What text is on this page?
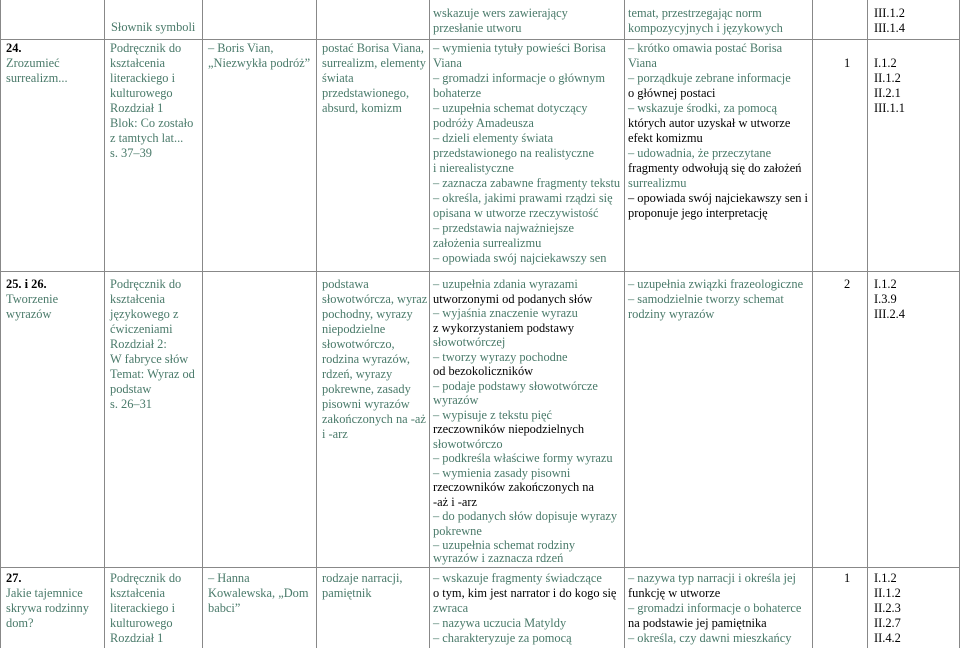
Słownik symboli
wskazuje wers zawierający
przesłanie utworu
temat, przestrzegając norm
kompozycyjnych i językowych
III.1.2
III.1.4
24.
Zrozumieć
surrealizm...
Podręcznik do
kształcenia
literackiego i
kulturowego
Rozdział 1
Blok: Co zostało
z tamtych lat...
s. 37–39
– Boris Vian,
„Niezwykła podróż”
postać Borisa Viana,
surrealizm, elementy
świata
przedstawionego,
absurd, komizm
– wymienia tytuły powieści Borisa
Viana
– gromadzi informacje o głównym
bohaterze
– uzupełnia schemat dotyczący
podróży Amadeusza
– dzieli elementy świata
przedstawionego na realistyczne
i nierealistyczne
– zaznacza zabawne fragmenty tekstu
– określa, jakimi prawami rządzi się
opisana w utworze rzeczywistość
– przedstawia najważniejsze
założenia surrealizmu
– opowiada swój najciekawszy sen
– krótko omawia postać Borisa
Viana
– porządkuje zebrane informacje
o głównej postaci
– wskazuje środki, za pomocą
których autor uzyskał w utworze
efekt komizmu
– udowadnia, że przeczytane
fragmenty odwołują się do założeń
surrealizmu
– opowiada swój najciekawszy sen i
proponuje jego interpretację
1 I.1.2
II.1.2
II.2.1
III.1.1
25. i 26.
Tworzenie
wyrazów
Podręcznik do
kształcenia
językowego z
ćwiczeniami
Rozdział 2:
W fabryce słów
Temat: Wyraz od
podstaw
s. 26–31
podstawa
słowotwórcza, wyraz
pochodny, wyrazy
niepodzielne
słowotwórczo,
rodzina wyrazów,
rdzeń, wyrazy
pokrewne, zasady
pisowni wyrazów
zakończonych na -aż
i -arz
– uzupełnia zdania wyrazami
utworzonymi od podanych słów
– wyjaśnia znaczenie wyrazu
z wykorzystaniem podstawy
słowotwórczej
– tworzy wyrazy pochodne
od bezokoliczników
– podaje podstawy słowotwórcze
wyrazów
– wypisuje z tekstu pięć
rzeczowników niepodzielnych
słowotwórczo
– podkreśla właściwe formy wyrazu
– wymienia zasady pisowni
rzeczowników zakończonych na
-aż i -arz
– do podanych słów dopisuje wyrazy
pokrewne
– uzupełnia schemat rodziny
– uzupełnia związki frazeologiczne
– samodzielnie tworzy schemat
rodziny wyrazów
2 I.1.2
I.3.9
III.2.4
27.
Jakie tajemnice
skrywa rodzinny
dom?
Podręcznik do
kształcenia
literackiego i
kulturowego
Rozdział 1
– Hanna
Kowalewska, „Dom
babci”
rodzaje narracji,
pamiętnik
– wskazuje fragmenty świadczące
o tym, kim jest narrator i do kogo się
zwraca
– nazywa uczucia Matyldy
– charakteryzuje za pomocą
– nazywa typ narracji i określa jej
funkcję w utworze
– gromadzi informacje o bohaterce
na podstawie jej pamiętnika
– określa, czy dawni mieszkańcy
1 I.1.2
II.1.2
II.2.3
II.2.7
II.4.2
wyrazów i zaznacza rdzeń
